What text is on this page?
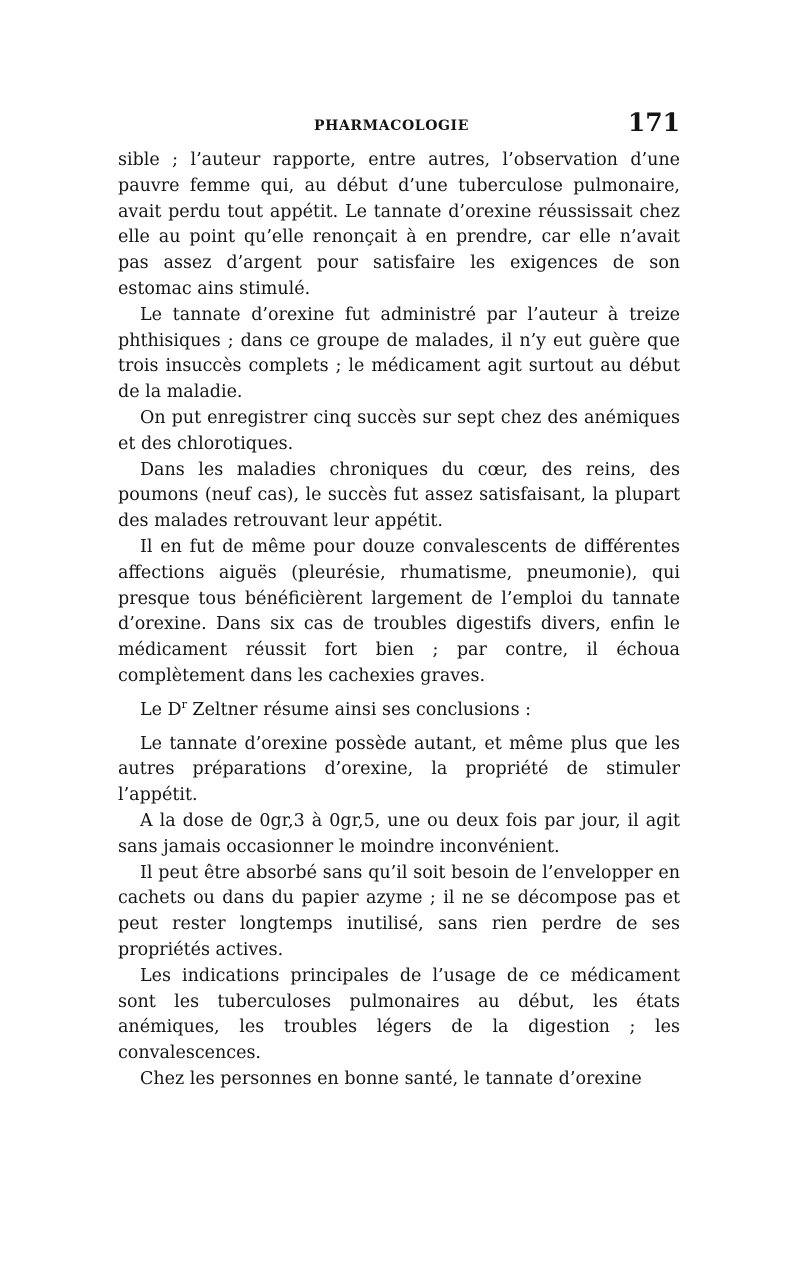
PHARMACOLOGIE	171

sible ; l’auteur rapporte, entre autres, l’observation d’une pauvre femme qui, au début d’une tuberculose pulmonaire, avait perdu tout appétit. Le tannate d’orexine réussissait chez elle au point qu’elle renonçait à en prendre, car elle n’avait pas assez d’argent pour satisfaire les exigences de son estomac ains stimulé.

Le tannate d’orexine fut administré par l’auteur à treize phthisiques ; dans ce groupe de malades, il n’y eut guère que trois insuccès complets ; le médicament agit surtout au début de la maladie.

On put enregistrer cinq succès sur sept chez des anémiques et des chlorotiques.

Dans les maladies chroniques du cœur, des reins, des poumons (neuf cas), le succès fut assez satisfaisant, la plupart des malades retrouvant leur appétit.

Il en fut de même pour douze convalescents de différentes affections aiguës (pleurésie, rhumatisme, pneumonie), qui presque tous bénéficièrent largement de l’emploi du tannate d’orexine. Dans six cas de troubles digestifs divers, enfin le médicament réussit fort bien ; par contre, il échoua complètement dans les cachexies graves.

Le $D^r$ Zeltner résume ainsi ses conclusions :

Le tannate d’orexine possède autant, et même plus que les autres préparations d’orexine, la propriété de stimuler l’appétit.

A la dose de 0gr,3 à 0gr,5, une ou deux fois par jour, il agit sans jamais occasionner le moindre inconvénient.

Il peut être absorbé sans qu’il soit besoin de l’envelopper en cachets ou dans du papier azyme ; il ne se décompose pas et peut rester longtemps inutilisé, sans rien perdre de ses propriétés actives.

Les indications principales de l’usage de ce médicament sont les tuberculoses pulmonaires au début, les états anémiques, les troubles légers de la digestion ; les convalescences.

Chez les personnes en bonne santé, le tannate d’orexine
